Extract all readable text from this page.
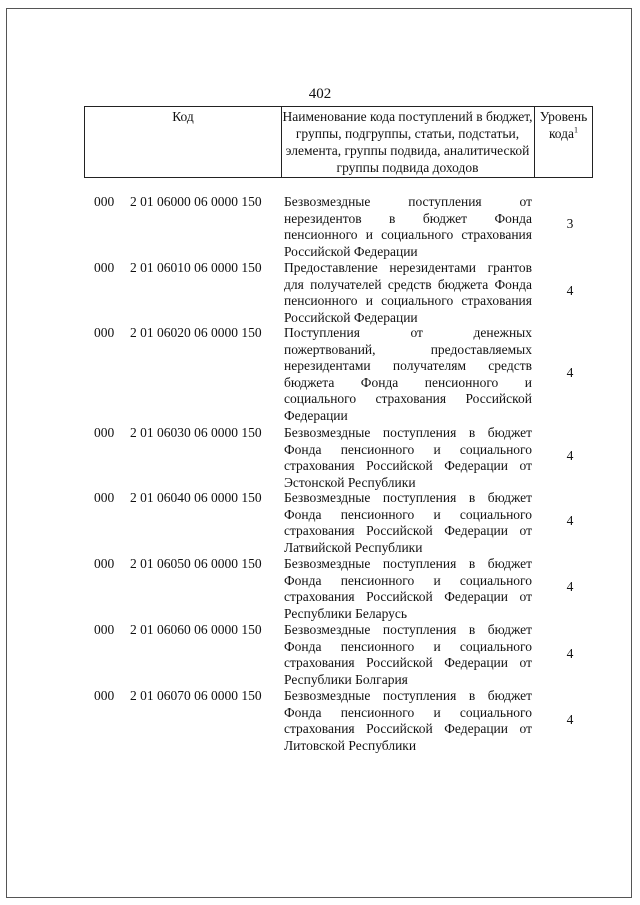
402
Код	Наименование кода поступлений в бюджет, группы, подгруппы, статьи, подстатьи, элемента, группы подвида, аналитической группы подвида доходов
Уровень кода$^1$
000 2 01 06000 06 0000 150 Безвозмездные поступления от нерезидентов в бюджет Фонда пенсионного и социального страхования Российской Федерации
3
000 2 01 06010 06 0000 150 Предоставление нерезидентами грантов для получателей средств бюджета Фонда пенсионного и социального страхования Российской Федерации
4
000 2 01 06020 06 0000 150 Поступления от денежных пожертвований, предоставляемых нерезидентами получателям средств бюджета Фонда пенсионного и социального страхования Российской Федерации
4
000 2 01 06030 06 0000 150 Безвозмездные поступления в бюджет Фонда пенсионного и социального страхования Российской Федерации от Эстонской Республики
4
000 2 01 06040 06 0000 150 Безвозмездные поступления в бюджет Фонда пенсионного и социального страхования Российской Федерации от Латвийской Республики
4
000 2 01 06050 06 0000 150 Безвозмездные поступления в бюджет Фонда пенсионного и социального страхования Российской Федерации от Республики Беларусь
4
000 2 01 06060 06 0000 150 Безвозмездные поступления в бюджет Фонда пенсионного и социального страхования Российской Федерации от Республики Болгария
4
000 2 01 06070 06 0000 150 Безвозмездные поступления в бюджет Фонда пенсионного и социального страхования Российской Федерации от Литовской Республики
4
